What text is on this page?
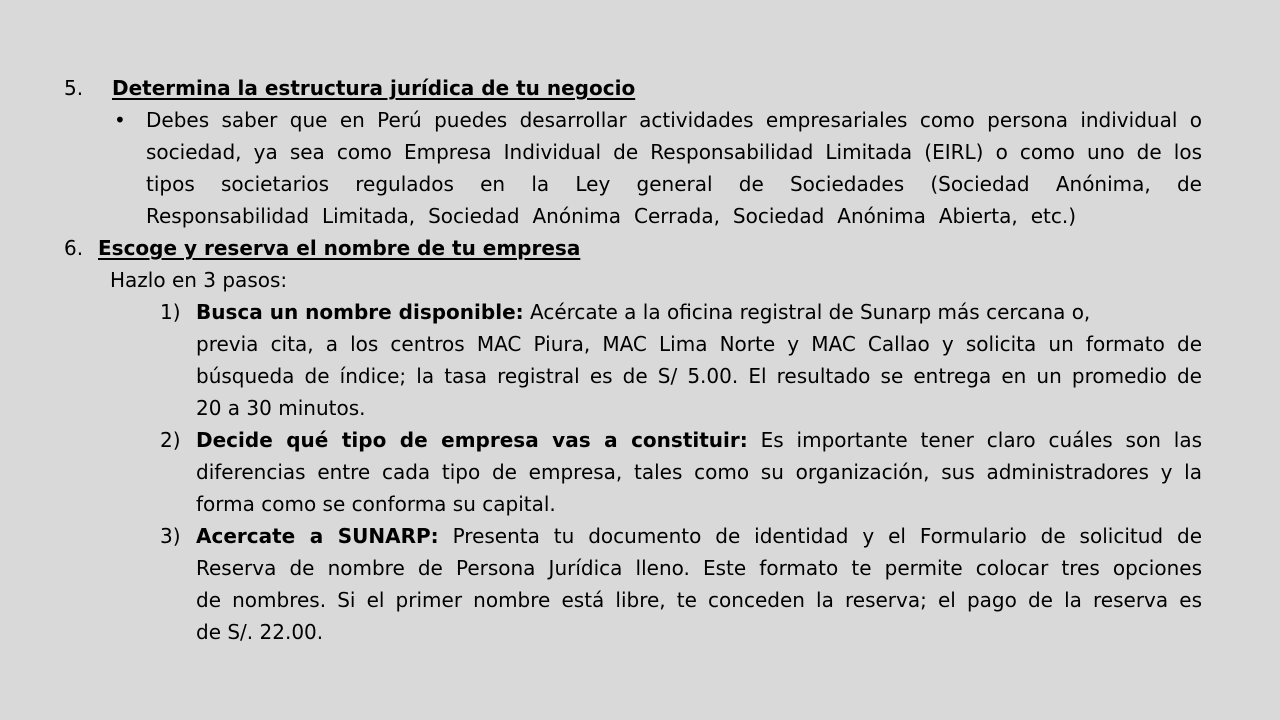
5. Determina la estructura jurídica de tu negocio
• Debes saber que en Perú puedes desarrollar actividades empresariales como persona individual o
sociedad, ya sea como Empresa Individual de Responsabilidad Limitada (EIRL) o como uno de los
tipos societarios regulados en la Ley general de Sociedades (Sociedad Anónima, de
Responsabilidad Limitada, Sociedad Anónima Cerrada, Sociedad Anónima Abierta, etc.)
6. Escoge y reserva el nombre de tu empresa
Hazlo en 3 pasos:
1) Busca un nombre disponible: Acércate a la oficina registral de Sunarp más cercana o,
previa cita, a los centros MAC Piura, MAC Lima Norte y MAC Callao y solicita un formato de
búsqueda de índice; la tasa registral es de S/ 5.00. El resultado se entrega en un promedio de
20 a 30 minutos.
2) Decide qué tipo de empresa vas a constituir: Es importante tener claro cuáles son las
diferencias entre cada tipo de empresa, tales como su organización, sus administradores y la
forma como se conforma su capital.
3) Acercate a SUNARP: Presenta tu documento de identidad y el Formulario de solicitud de
Reserva de nombre de Persona Jurídica lleno. Este formato te permite colocar tres opciones
de nombres. Si el primer nombre está libre, te conceden la reserva; el pago de la reserva es
de S/. 22.00.
